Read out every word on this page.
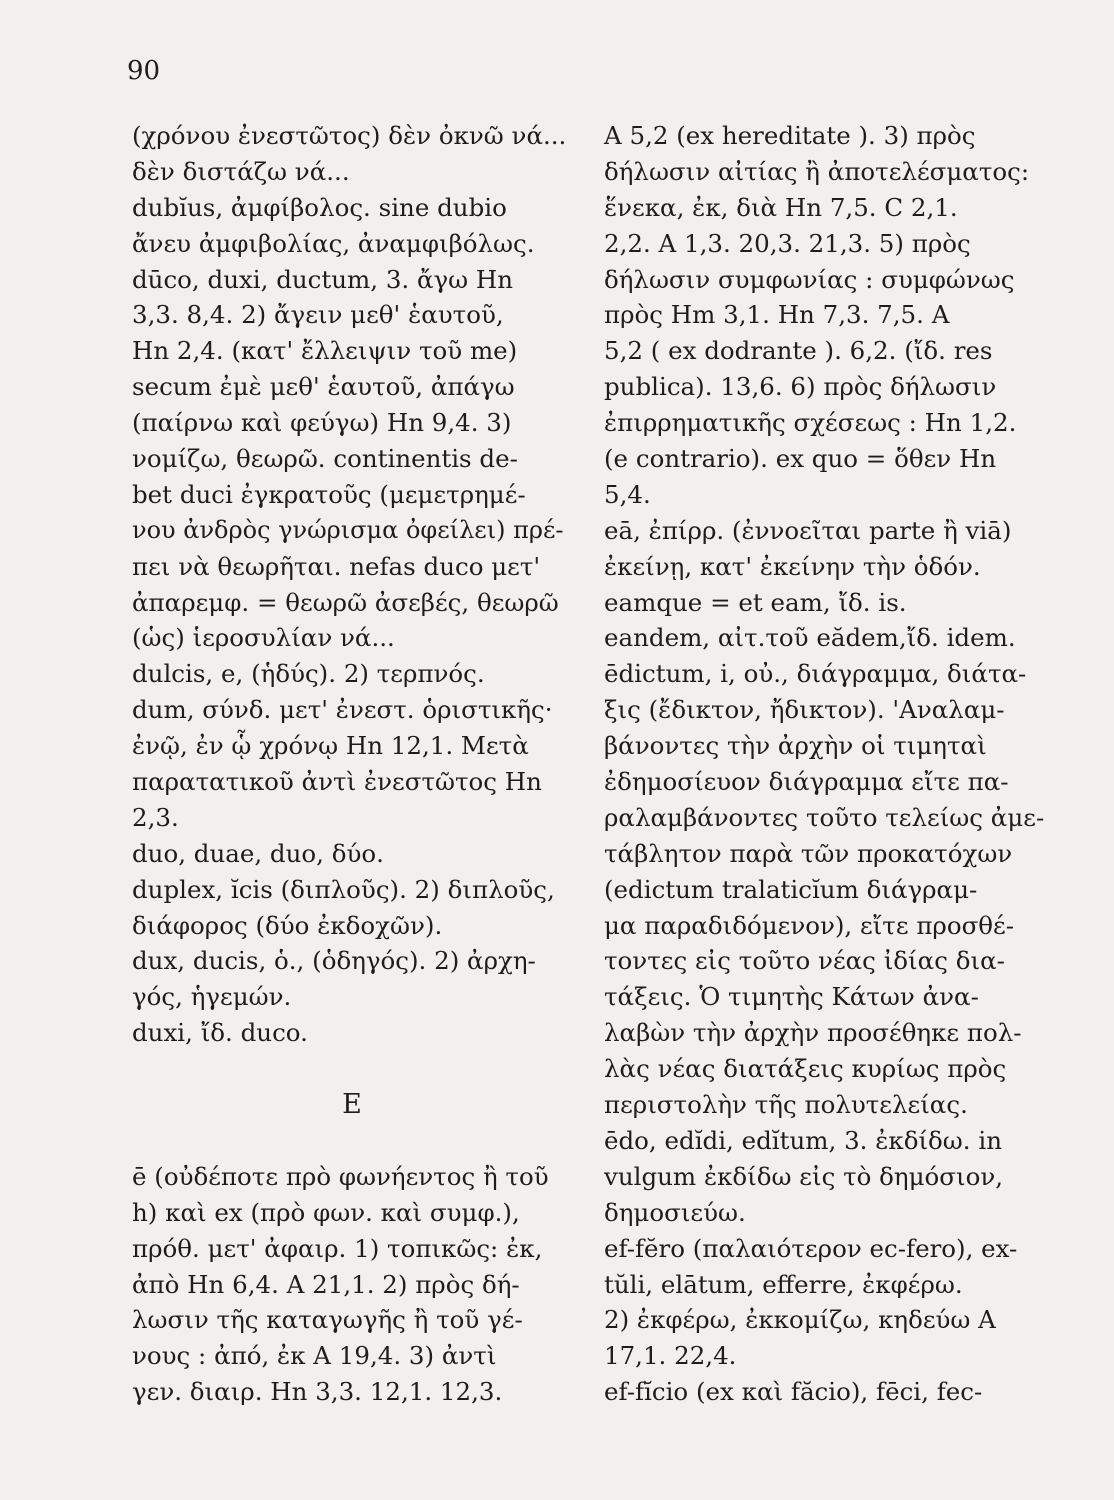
90
(χρόνου ἐνεστῶτος) δὲν ὀκνῶ νά...
δὲν διστάζω νά...
dubĭus, ἀμφίβολος. sine dubio
ἄνευ ἀμφιβολίας, ἀναμφιβόλως.
dūco, duxi, ductum, 3. ἄγω Hn
3,3. 8,4. 2) ἄγειν μεθ' ἑαυτοῦ,
Hn 2,4. (κατ' ἔλλειψιν τοῦ me)
secum ἐμὲ μεθ' ἑαυτοῦ, ἀπάγω
(παίρνω καὶ φεύγω) Hn 9,4. 3)
νομίζω, θεωρῶ. continentis de-
bet duci ἐγκρατοῦς (μεμετρημέ-
νου ἀνδρὸς γνώρισμα ὀφείλει) πρέ-
πει νὰ θεωρῆται. nefas duco μετ'
ἀπαρεμφ. = θεωρῶ ἀσεβές, θεωρῶ
(ὡς) ἱεροσυλίαν νά...
dulcis, e, (ἡδύς). 2) τερπνός.
dum, σύνδ. μετ' ἐνεστ. ὁριστικῆς·
ἐνῷ, ἐν ᾧ χρόνῳ Hn 12,1. Μετὰ
παρατατικοῦ ἀντὶ ἐνεστῶτος Hn
2,3.
duo, duae, duo, δύο.
duplex, ĭcis (διπλοῦς). 2) διπλοῦς,
διάφορος (δύο ἐκδοχῶν).
dux, ducis, ὁ., (ὁδηγός). 2) ἀρχη-
γός, ἡγεμών.
duxi, ἴδ. duco.
E
ē (οὐδέποτε πρὸ φωνήεντος ἢ τοῦ
h) καὶ ex (πρὸ φων. καὶ συμφ.),
πρόθ. μετ' ἀφαιρ. 1) τοπικῶς: ἐκ,
ἀπὸ Hn 6,4. A 21,1. 2) πρὸς δή-
λωσιν τῆς καταγωγῆς ἢ τοῦ γέ-
νους : ἀπό, ἐκ A 19,4. 3) ἀντὶ
γεν. διαιρ. Hn 3,3. 12,1. 12,3.
A 5,2 (ex hereditate ). 3) πρὸς
δήλωσιν αἰτίας ἢ ἀποτελέσματος:
ἕνεκα, ἐκ, διὰ Hn 7,5. C 2,1.
2,2. A 1,3. 20,3. 21,3. 5) πρὸς
δήλωσιν συμφωνίας : συμφώνως
πρὸς Hm 3,1. Hn 7,3. 7,5. A
5,2 ( ex dodrante ). 6,2. (ἴδ. res
publica). 13,6. 6) πρὸς δήλωσιν
ἐπιρρηματικῆς σχέσεως : Hn 1,2.
(e contrario). ex quo = ὅθεν Hn
5,4.
eā, ἐπίρρ. (ἐννοεῖται parte ἢ viā)
ἐκείνῃ, κατ' ἐκείνην τὴν ὁδόν.
eamque = et eam, ἴδ. is.
eandem, αἰτ.τοῦ eădem,ἴδ. idem.
ēdictum, i, οὐ., διάγραμμα, διάτα-
ξις (ἔδικτον, ἤδικτον). 'Αναλαμ-
βάνοντες τὴν ἀρχὴν οἱ τιμηταὶ
ἐδημοσίευον διάγραμμα εἴτε πα-
ραλαμβάνοντες τοῦτο τελείως ἀμε-
τάβλητον παρὰ τῶν προκατόχων
(edictum tralaticĭum διάγραμ-
μα παραδιδόμενον), εἴτε προσθέ-
τοντες εἰς τοῦτο νέας ἰδίας δια-
τάξεις. Ὁ τιμητὴς Κάτων ἀνα-
λαβὼν τὴν ἀρχὴν προσέθηκε πολ-
λὰς νέας διατάξεις κυρίως πρὸς
περιστολὴν τῆς πολυτελείας.
ēdo, edĭdi, edĭtum, 3. ἐκδίδω. in
vulgum ἐκδίδω εἰς τὸ δημόσιον,
δημοσιεύω.
ef-fĕro (παλαιότερον ec-fero), ex-
tŭli, elātum, efferre, ἐκφέρω.
2) ἐκφέρω, ἐκκομίζω, κηδεύω A
17,1. 22,4.
ef-fĭcio (ex καὶ făcio), fēci, fec-
